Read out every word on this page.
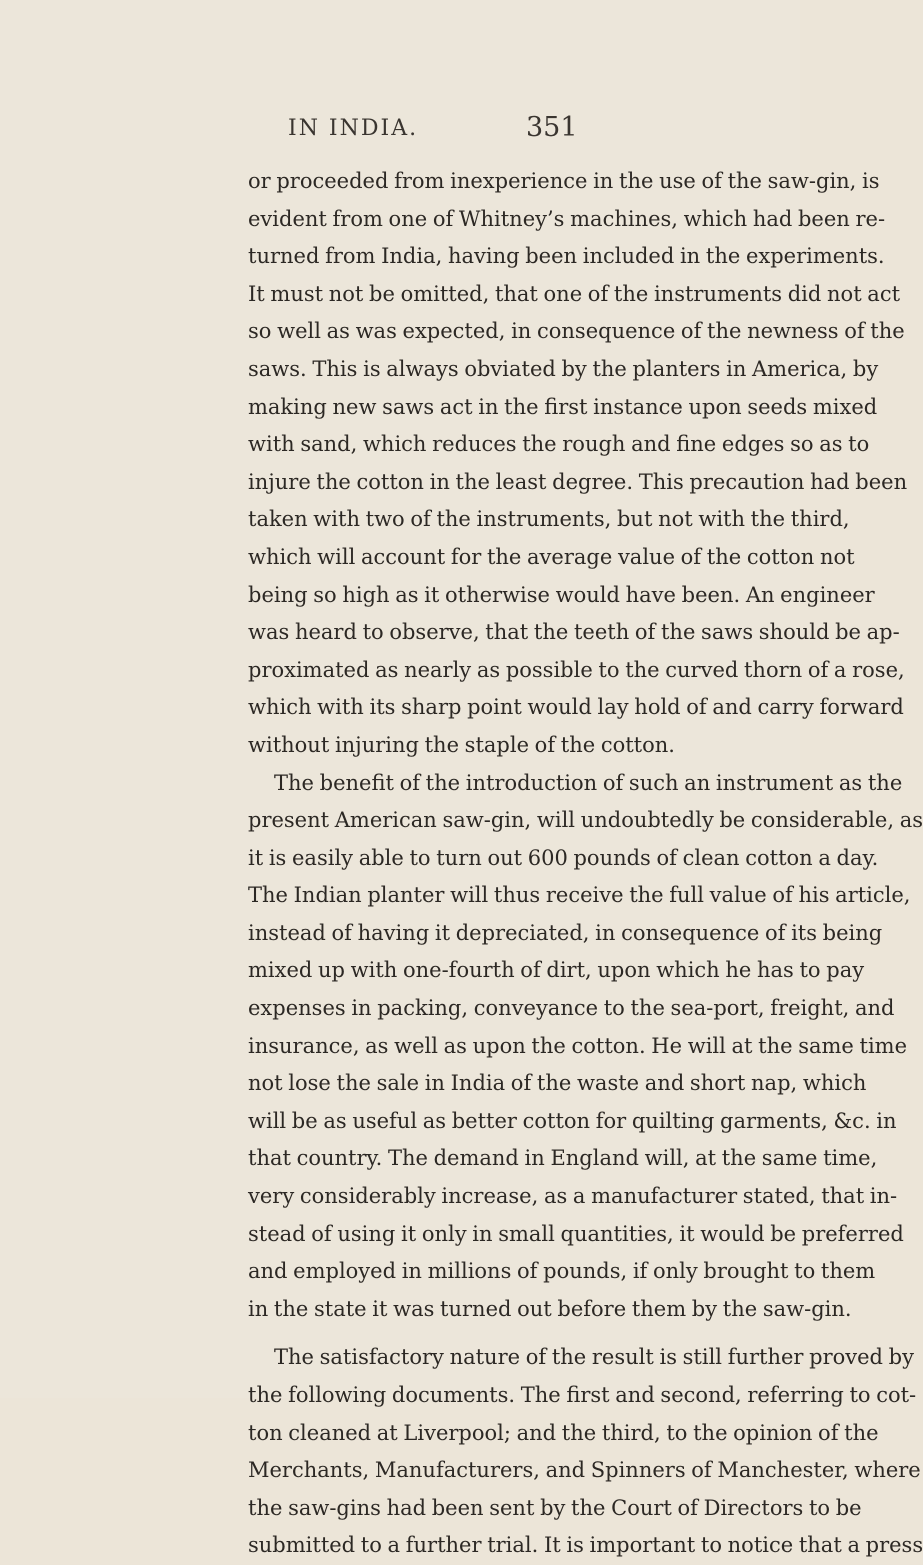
IN INDIA.	351
or proceeded from inexperience in the use of the saw-gin, is
evident from one of Whitney’s machines, which had been re-
turned from India, having been included in the experiments.
It must not be omitted, that one of the instruments did not act
so well as was expected, in consequence of the newness of the
saws. This is always obviated by the planters in America, by
making new saws act in the first instance upon seeds mixed
with sand, which reduces the rough and fine edges so as to
injure the cotton in the least degree. This precaution had been
taken with two of the instruments, but not with the third,
which will account for the average value of the cotton not
being so high as it otherwise would have been. An engineer
was heard to observe, that the teeth of the saws should be ap-
proximated as nearly as possible to the curved thorn of a rose,
which with its sharp point would lay hold of and carry forward
without injuring the staple of the cotton.
The benefit of the introduction of such an instrument as the
present American saw-gin, will undoubtedly be considerable, as
it is easily able to turn out 600 pounds of clean cotton a day.
The Indian planter will thus receive the full value of his article,
instead of having it depreciated, in consequence of its being
mixed up with one-fourth of dirt, upon which he has to pay
expenses in packing, conveyance to the sea-port, freight, and
insurance, as well as upon the cotton. He will at the same time
not lose the sale in India of the waste and short nap, which
will be as useful as better cotton for quilting garments, &c. in
that country. The demand in England will, at the same time,
very considerably increase, as a manufacturer stated, that in-
stead of using it only in small quantities, it would be preferred
and employed in millions of pounds, if only brought to them
in the state it was turned out before them by the saw-gin.
The satisfactory nature of the result is still further proved by
the following documents. The first and second, referring to cot-
ton cleaned at Liverpool; and the third, to the opinion of the
Merchants, Manufacturers, and Spinners of Manchester, where
the saw-gins had been sent by the Court of Directors to be
submitted to a further trial. It is important to notice that a press
